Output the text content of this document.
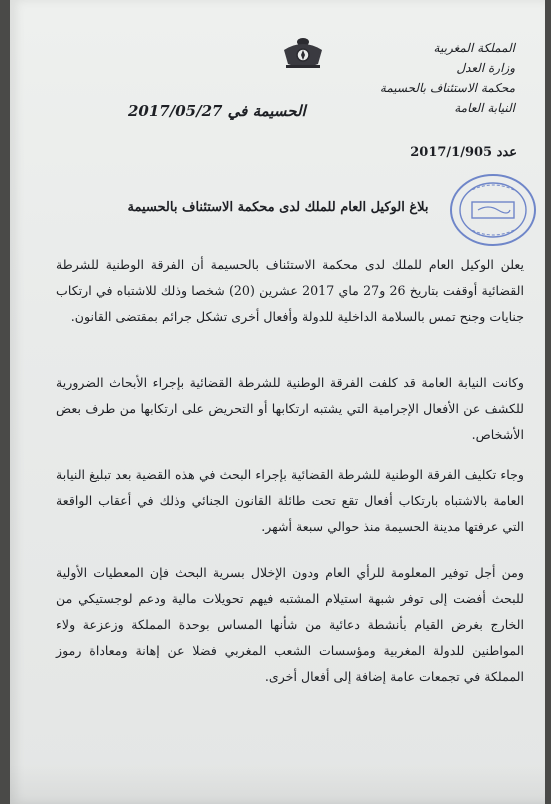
المملكة المغربية
وزارة العدل
محكمة الاستئناف بالحسيمة
النيابة العامة
الحسيمة في 2017/05/27
عدد 2017/1/905
بلاغ الوكيل العام للملك لدى محكمة الاستئناف بالحسيمة
يعلن الوكيل العام للملك لدى محكمة الاستئناف بالحسيمة أن الفرقة الوطنية للشرطة القضائية أوقفت بتاريخ 26 و27 ماي 2017 عشرين (20) شخصا وذلك للاشتباه في ارتكاب جنايات وجنح تمس بالسلامة الداخلية للدولة وأفعال أخرى تشكل جرائم بمقتضى القانون.
وكانت النيابة العامة قد كلفت الفرقة الوطنية للشرطة القضائية بإجراء الأبحاث الضرورية للكشف عن الأفعال الإجرامية التي يشتبه ارتكابها أو التحريض على ارتكابها من طرف بعض الأشخاص.
وجاء تكليف الفرقة الوطنية للشرطة القضائية بإجراء البحث في هذه القضية بعد تبليغ النيابة العامة بالاشتباه بارتكاب أفعال تقع تحت طائلة القانون الجنائي وذلك في أعقاب الواقعة التي عرفتها مدينة الحسيمة منذ حوالي سبعة أشهر.
ومن أجل توفير المعلومة للرأي العام ودون الإخلال بسرية البحث فإن المعطيات الأولية للبحث أفضت إلى توفر شبهة استيلام المشتبه فيهم تحويلات مالية ودعم لوجستيكي من الخارج بغرض القيام بأنشطة دعائية من شأنها المساس بوحدة المملكة وزعزعة ولاء المواطنين للدولة المغربية ومؤسسات الشعب المغربي فضلا عن إهانة ومعاداة رموز المملكة في تجمعات عامة إضافة إلى أفعال أخرى.
